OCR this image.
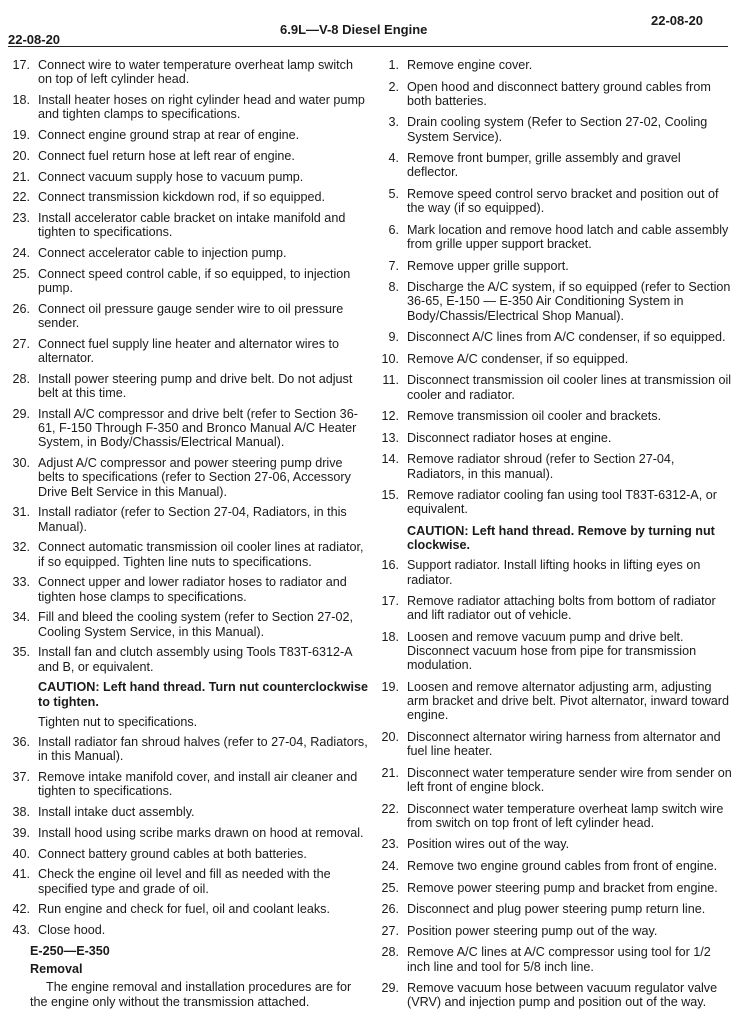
22-08-20
6.9L—V-8 Diesel Engine
22-08-20
17. Connect wire to water temperature overheat lamp switch on top of left cylinder head.
18. Install heater hoses on right cylinder head and water pump and tighten clamps to specifications.
19. Connect engine ground strap at rear of engine.
20. Connect fuel return hose at left rear of engine.
21. Connect vacuum supply hose to vacuum pump.
22. Connect transmission kickdown rod, if so equipped.
23. Install accelerator cable bracket on intake manifold and tighten to specifications.
24. Connect accelerator cable to injection pump.
25. Connect speed control cable, if so equipped, to injection pump.
26. Connect oil pressure gauge sender wire to oil pressure sender.
27. Connect fuel supply line heater and alternator wires to alternator.
28. Install power steering pump and drive belt. Do not adjust belt at this time.
29. Install A/C compressor and drive belt (refer to Section 36-61, F-150 Through F-350 and Bronco Manual A/C Heater System, in Body/Chassis/Electrical Manual).
30. Adjust A/C compressor and power steering pump drive belts to specifications (refer to Section 27-06, Accessory Drive Belt Service in this Manual).
31. Install radiator (refer to Section 27-04, Radiators, in this Manual).
32. Connect automatic transmission oil cooler lines at radiator, if so equipped. Tighten line nuts to specifications.
33. Connect upper and lower radiator hoses to radiator and tighten hose clamps to specifications.
34. Fill and bleed the cooling system (refer to Section 27-02, Cooling System Service, in this Manual).
35. Install fan and clutch assembly using Tools T83T-6312-A and B, or equivalent.
CAUTION: Left hand thread. Turn nut counterclockwise to tighten.
Tighten nut to specifications.
36. Install radiator fan shroud halves (refer to 27-04, Radiators, in this Manual).
37. Remove intake manifold cover, and install air cleaner and tighten to specifications.
38. Install intake duct assembly.
39. Install hood using scribe marks drawn on hood at removal.
40. Connect battery ground cables at both batteries.
41. Check the engine oil level and fill as needed with the specified type and grade of oil.
42. Run engine and check for fuel, oil and coolant leaks.
43. Close hood.
E-250—E-350
Removal
The engine removal and installation procedures are for the engine only without the transmission attached.
1. Remove engine cover.
2. Open hood and disconnect battery ground cables from both batteries.
3. Drain cooling system (Refer to Section 27-02, Cooling System Service).
4. Remove front bumper, grille assembly and gravel deflector.
5. Remove speed control servo bracket and position out of the way (if so equipped).
6. Mark location and remove hood latch and cable assembly from grille upper support bracket.
7. Remove upper grille support.
8. Discharge the A/C system, if so equipped (refer to Section 36-65, E-150 — E-350 Air Conditioning System in Body/Chassis/Electrical Shop Manual).
9. Disconnect A/C lines from A/C condenser, if so equipped.
10. Remove A/C condenser, if so equipped.
11. Disconnect transmission oil cooler lines at transmission oil cooler and radiator.
12. Remove transmission oil cooler and brackets.
13. Disconnect radiator hoses at engine.
14. Remove radiator shroud (refer to Section 27-04, Radiators, in this manual).
15. Remove radiator cooling fan using tool T83T-6312-A, or equivalent.
CAUTION: Left hand thread. Remove by turning nut clockwise.
16. Support radiator. Install lifting hooks in lifting eyes on radiator.
17. Remove radiator attaching bolts from bottom of radiator and lift radiator out of vehicle.
18. Loosen and remove vacuum pump and drive belt. Disconnect vacuum hose from pipe for transmission modulation.
19. Loosen and remove alternator adjusting arm, adjusting arm bracket and drive belt. Pivot alternator, inward toward engine.
20. Disconnect alternator wiring harness from alternator and fuel line heater.
21. Disconnect water temperature sender wire from sender on left front of engine block.
22. Disconnect water temperature overheat lamp switch wire from switch on top front of left cylinder head.
23. Position wires out of the way.
24. Remove two engine ground cables from front of engine.
25. Remove power steering pump and bracket from engine.
26. Disconnect and plug power steering pump return line.
27. Position power steering pump out of the way.
28. Remove A/C lines at A/C compressor using tool for 1/2 inch line and tool for 5/8 inch line.
29. Remove vacuum hose between vacuum regulator valve (VRV) and injection pump and position out of the way.
